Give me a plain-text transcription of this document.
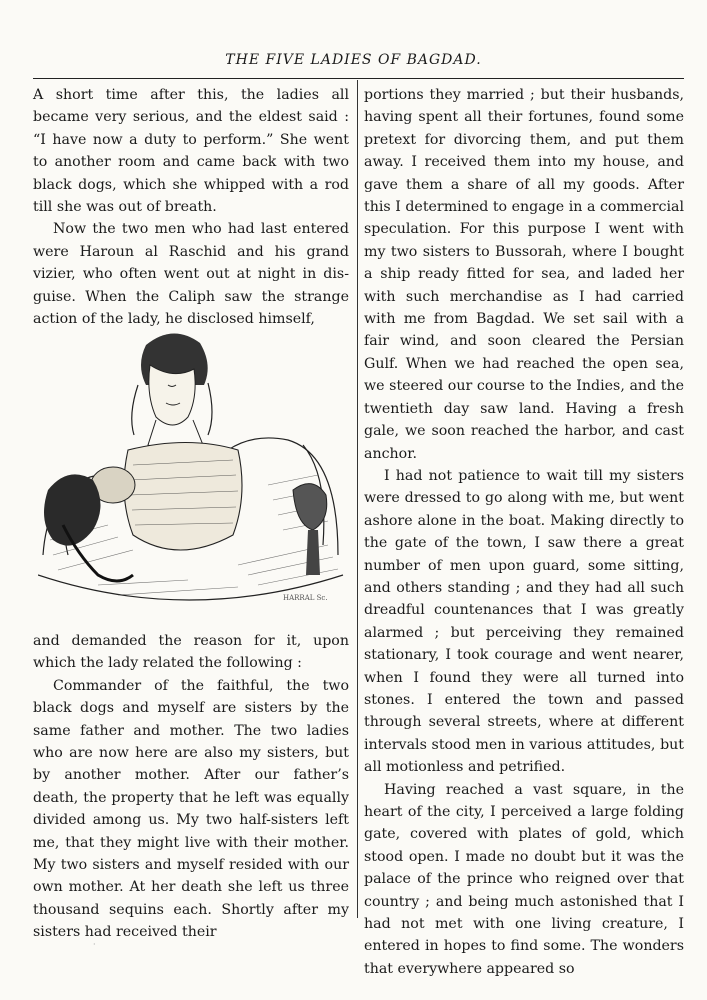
THE FIVE LADIES OF BAGDAD.

A short time after this, the ladies all became very serious, and the eldest said : “I have now a duty to perform.” She went to another room and came back with two black dogs, which she whipped with a rod till she was out of breath.

Now the two men who had last entered were Haroun al Raschid and his grand vizier, who often went out at night in disguise. When the Caliph saw the strange action of the lady, he disclosed himself,

HARRAL Sc.

and demanded the reason for it, upon which the lady related the following :

Commander of the faithful, the two black dogs and myself are sisters by the same father and mother. The two ladies who are now here are also my sisters, but by another mother. After our father’s death, the property that he left was equally divided among us. My two half-sisters left me, that they might live with their mother. My two sisters and myself resided with our own mother. At her death she left us three thousand sequins each. Shortly after my sisters had received their

portions they married ; but their husbands, having spent all their fortunes, found some pretext for divorcing them, and put them away. I received them into my house, and gave them a share of all my goods. After this I determined to engage in a commercial speculation. For this purpose I went with my two sisters to Bussorah, where I bought a ship ready fitted for sea, and laded her with such merchandise as I had carried with me from Bagdad. We set sail with a fair wind, and soon cleared the Persian Gulf. When we had reached the open sea, we steered our course to the Indies, and the twentieth day saw land. Having a fresh gale, we soon reached the harbor, and cast anchor.

I had not patience to wait till my sisters were dressed to go along with me, but went ashore alone in the boat. Making directly to the gate of the town, I saw there a great number of men upon guard, some sitting, and others standing ; and they had all such dreadful countenances that I was greatly alarmed ; but perceiving they remained stationary, I took courage and went nearer, when I found they were all turned into stones. I entered the town and passed through several streets, where at different intervals stood men in various attitudes, but all motionless and petrified.

Having reached a vast square, in the heart of the city, I perceived a large folding gate, covered with plates of gold, which stood open. I made no doubt but it was the palace of the prince who reigned over that country ; and being much astonished that I had not met with one living creature, I entered in hopes to find some. The wonders that everywhere appeared so

·
